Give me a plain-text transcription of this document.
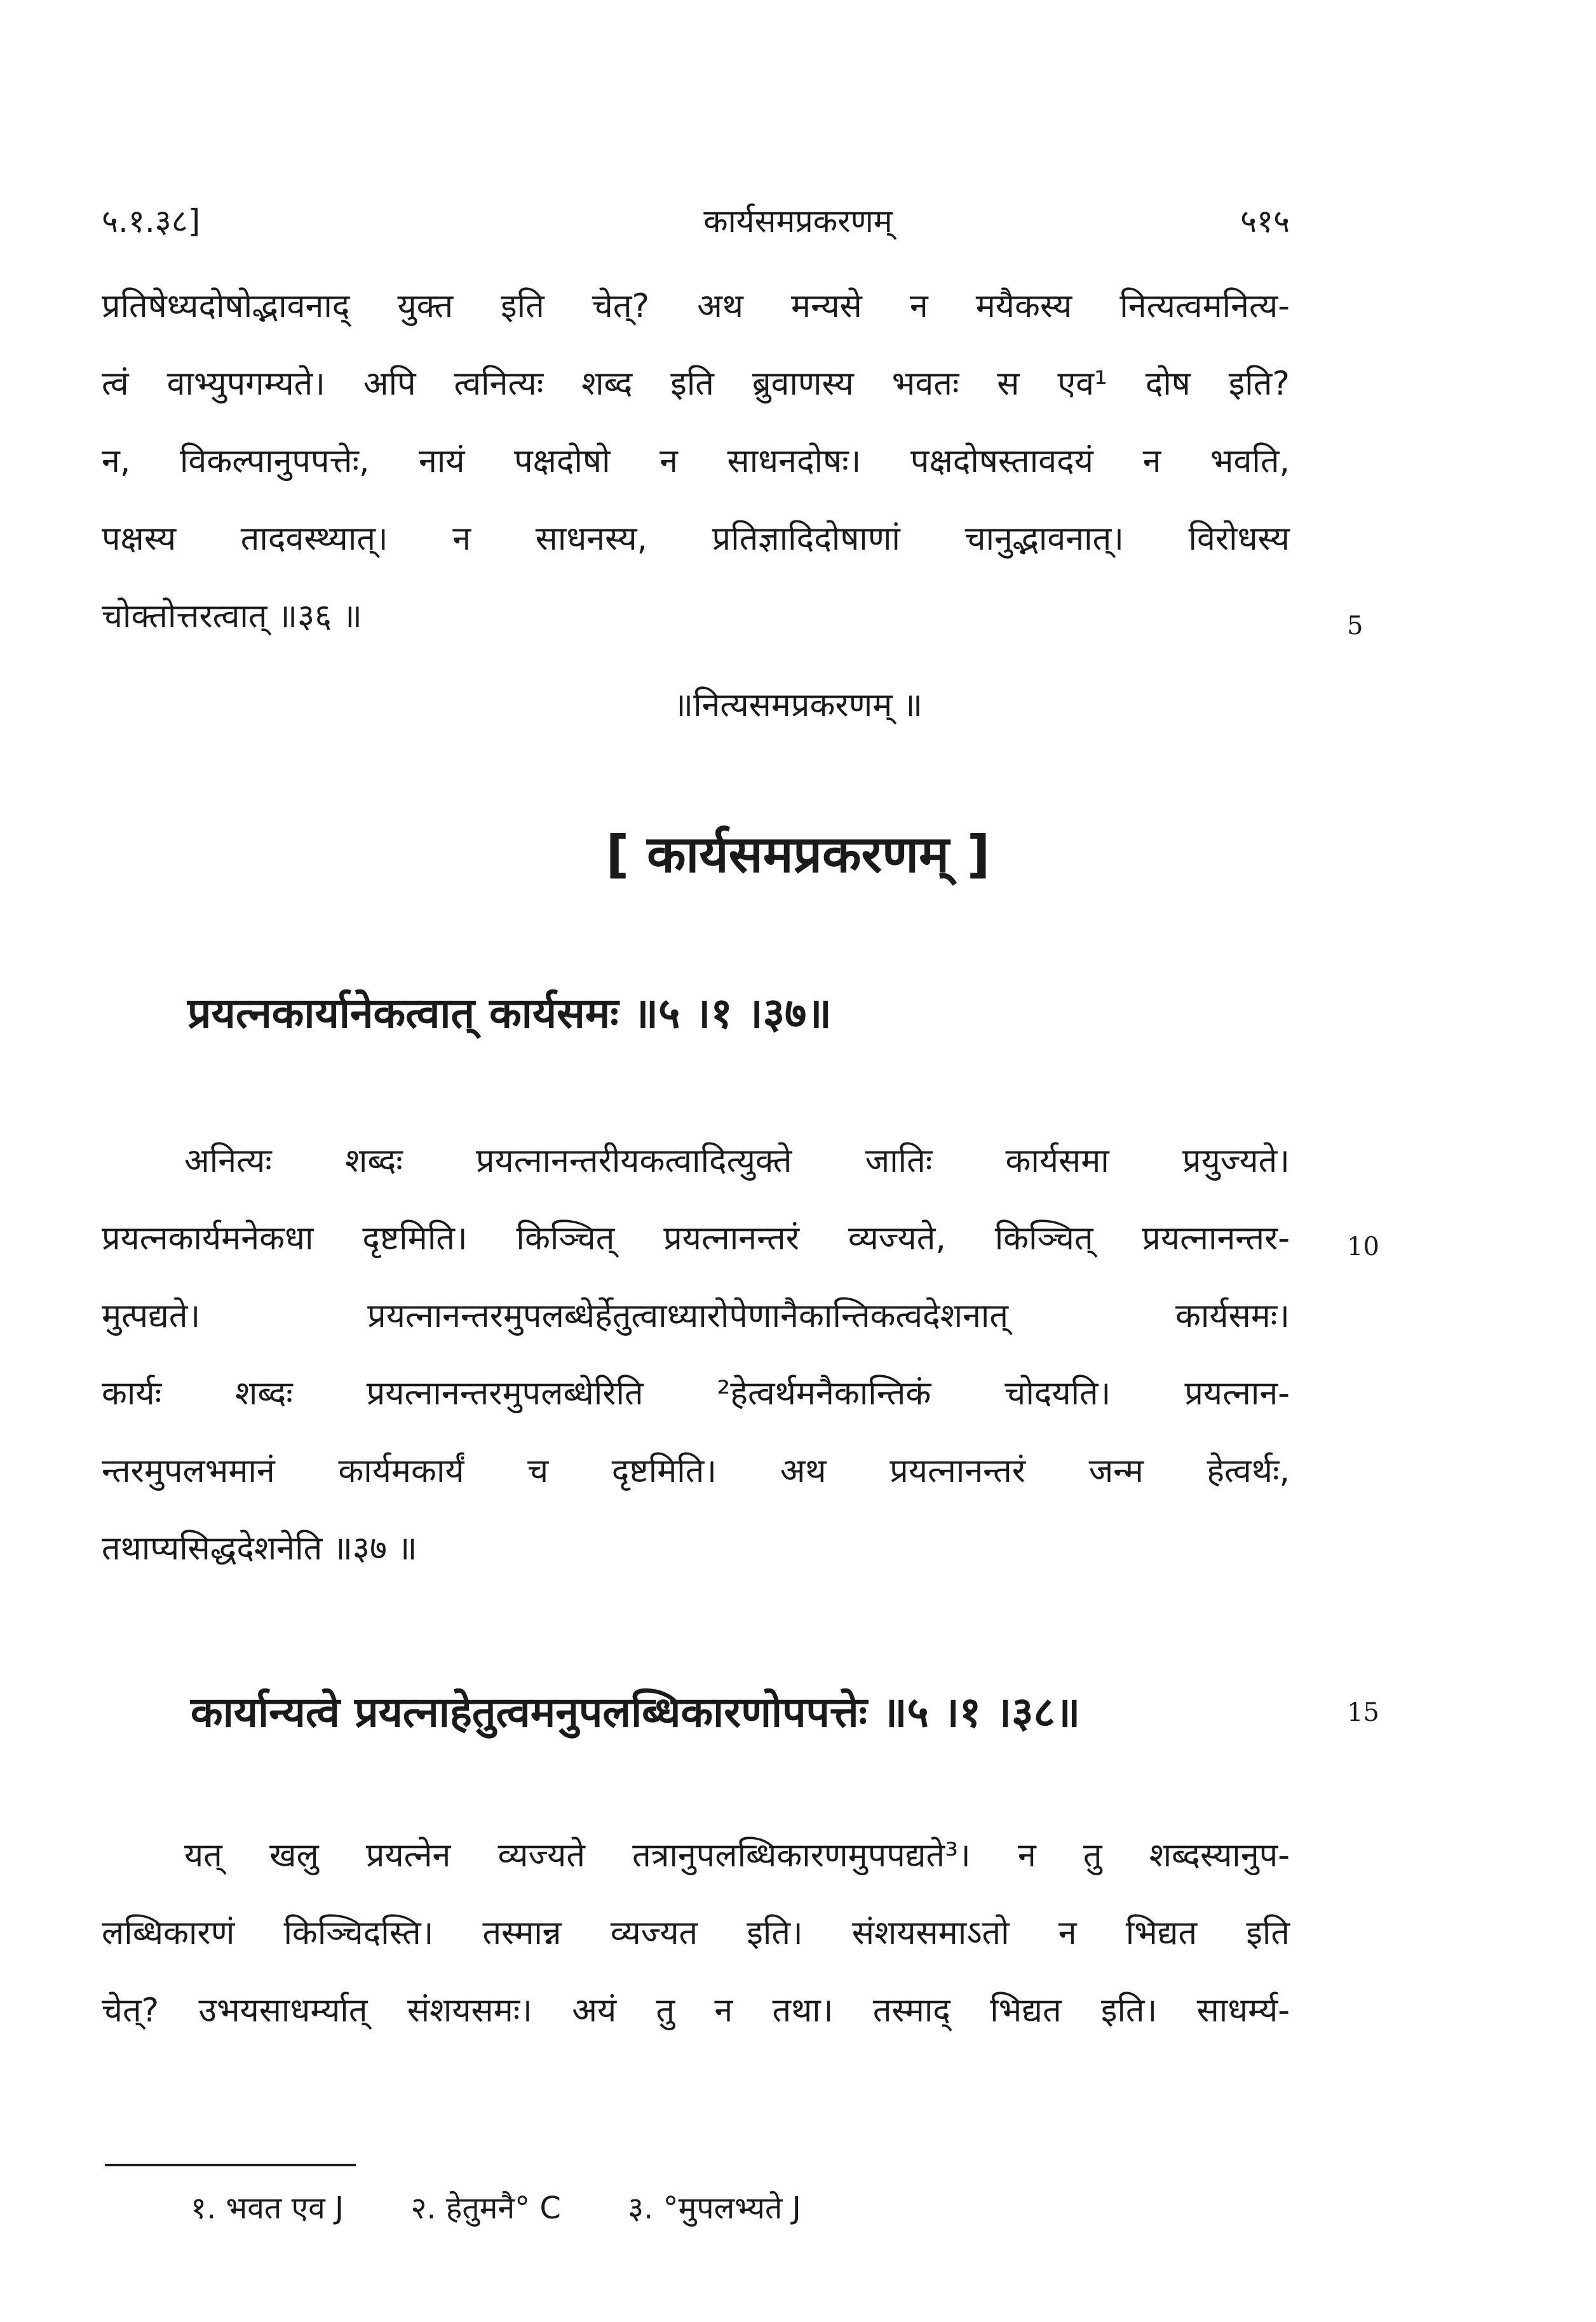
५.१.३८]	कार्यसमप्रकरणम्	५१५
प्रतिषेध्यदोषोद्भावनाद् युक्त इति चेत्? अथ मन्यसे न मयैकस्य नित्यत्वमनित्य-
त्वं वाभ्युपगम्यते। अपि त्वनित्यः शब्द इति ब्रुवाणस्य भवतः स एव¹ दोष इति?
न, विकल्पानुपपत्तेः, नायं पक्षदोषो न साधनदोषः। पक्षदोषस्तावदयं न भवति,
पक्षस्य तादवस्थ्यात्। न साधनस्य, प्रतिज्ञादिदोषाणां चानुद्भावनात्। विरोधस्य
चोक्तोत्तरत्वात् ॥३६ ॥	5
॥नित्यसमप्रकरणम् ॥
[ कार्यसमप्रकरणम् ]
प्रयत्नकार्यानेकत्वात् कार्यसमः ॥५ ।१ ।३७॥
अनित्यः शब्दः प्रयत्नानन्तरीयकत्वादित्युक्ते जातिः कार्यसमा प्रयुज्यते।
प्रयत्नकार्यमनेकधा दृष्टमिति। किञ्चित् प्रयत्नानन्तरं व्यज्यते, किञ्चित् प्रयत्नानन्तर- 10
मुत्पद्यते। प्रयत्नानन्तरमुपलब्धेर्हेतुत्वाध्यारोपेणानैकान्तिकत्वदेशनात् कार्यसमः।
कार्यः शब्दः प्रयत्नानन्तरमुपलब्धेरिति ²हेत्वर्थमनैकान्तिकं चोदयति। प्रयत्नान-
न्तरमुपलभमानं कार्यमकार्यं च दृष्टमिति। अथ प्रयत्नानन्तरं जन्म हेत्वर्थः,
तथाप्यसिद्धदेशनेति ॥३७ ॥
कार्यान्यत्वे प्रयत्नाहेतुत्वमनुपलब्धिकारणोपपत्तेः ॥५ ।१ ।३८॥	15
यत् खलु प्रयत्नेन व्यज्यते तत्रानुपलब्धिकारणमुपपद्यते³। न तु शब्दस्यानुप-
लब्धिकारणं किञ्चिदस्ति। तस्मान्न व्यज्यत इति। संशयसमाऽतो न भिद्यत इति
चेत्? उभयसाधर्म्यात् संशयसमः। अयं तु न तथा। तस्माद् भिद्यत इति। साधर्म्य-
१. भवत एव J २. हेतुमनै° C ३. °मुपलभ्यते J
